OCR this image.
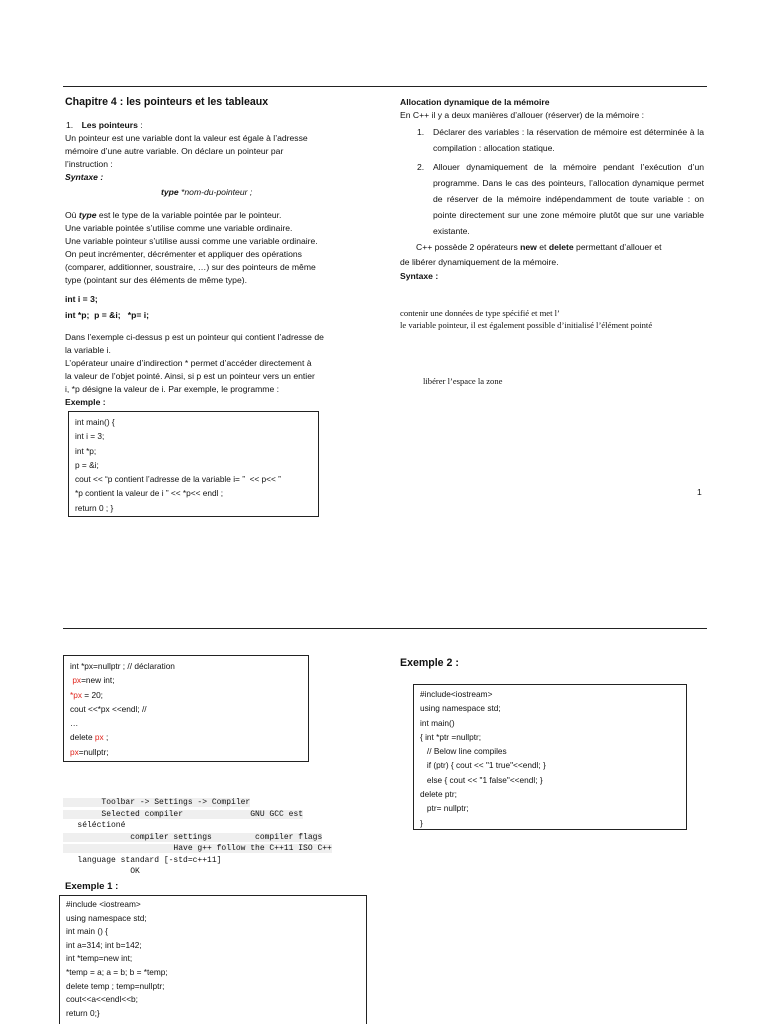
Chapitre 4 : les pointeurs et les tableaux
1. Les pointeurs :
Un pointeur est une variable dont la valeur est égale à l’adresse
mémoire d’une autre variable. On déclare un pointeur par
l’instruction :
Syntaxe :
type *nom-du-pointeur ;
Où type est le type de la variable pointée par le pointeur.
Une variable pointée s’utilise comme une variable ordinaire.
Une variable pointeur s’utilise aussi comme une variable ordinaire.
On peut incrémenter, décrémenter et appliquer des opérations
(comparer, additionner, soustraire, …) sur des pointeurs de même
type (pointant sur des éléments de même type).
int i = 3;
int *p;  p = &i;   *p= i;
Dans l’exemple ci-dessus p est un pointeur qui contient l’adresse de
la variable i.
L’opérateur unaire d’indirection * permet d’accéder directement à
la valeur de l’objet pointé. Ainsi, si p est un pointeur vers un entier
i, *p désigne la valeur de i. Par exemple, le programme :
Exemple :
int main() {
int i = 3;
int *p;
p = &i;
cout << “p contient l’adresse de la variable i= ”  << p<< ”
*p contient la valeur de i ” << *p<< endl ;
return 0 ; }
Allocation dynamique de la mémoire
En C++ il y a deux manières d’allouer (réserver) de la mémoire :
1. Déclarer des variables : la réservation de mémoire est déterminée à la compilation : allocation statique.
2. Allouer dynamiquement de la mémoire pendant l’exécution d’un programme. Dans le cas des pointeurs, l’allocation dynamique permet de réserver de la mémoire indépendamment de toute variable : on pointe directement sur une zone mémoire plutôt que sur une variable existante.
C++ possède 2 opérateurs new et delete permettant d’allouer et
de libérer dynamiquement de la mémoire.
Syntaxe :
contenir une données de type spécifié et met l’
le variable pointeur, il est également possible d’initialisé l’élément pointé
libérer l’espace la zone
1
int *px=nullptr ; // déclaration
px=new int;
*px = 20;
cout <<*px <<endl; //
…
delete px ;
px=nullptr;
Toolbar -> Settings -> Compiler
Selected compiler              GNU GCC est
séléctioné
compiler settings         compiler flags
Have g++ follow the C++11 ISO C++
language standard [-std=c++11]
OK
Exemple 1 :
#include <iostream>
using namespace std;
int main () {
int a=314; int b=142;
int *temp=new int;
*temp = a; a = b; b = *temp;
delete temp ; temp=nullptr;
cout<<a<<endl<<b;
return 0;}
Exemple 2 :
#include<iostream>
using namespace std;
int main()
{ int *ptr =nullptr;
// Below line compiles
if (ptr) { cout << "1 true"<<endl; }
else { cout << "1 false"<<endl; }
delete ptr;
ptr= nullptr;
}
